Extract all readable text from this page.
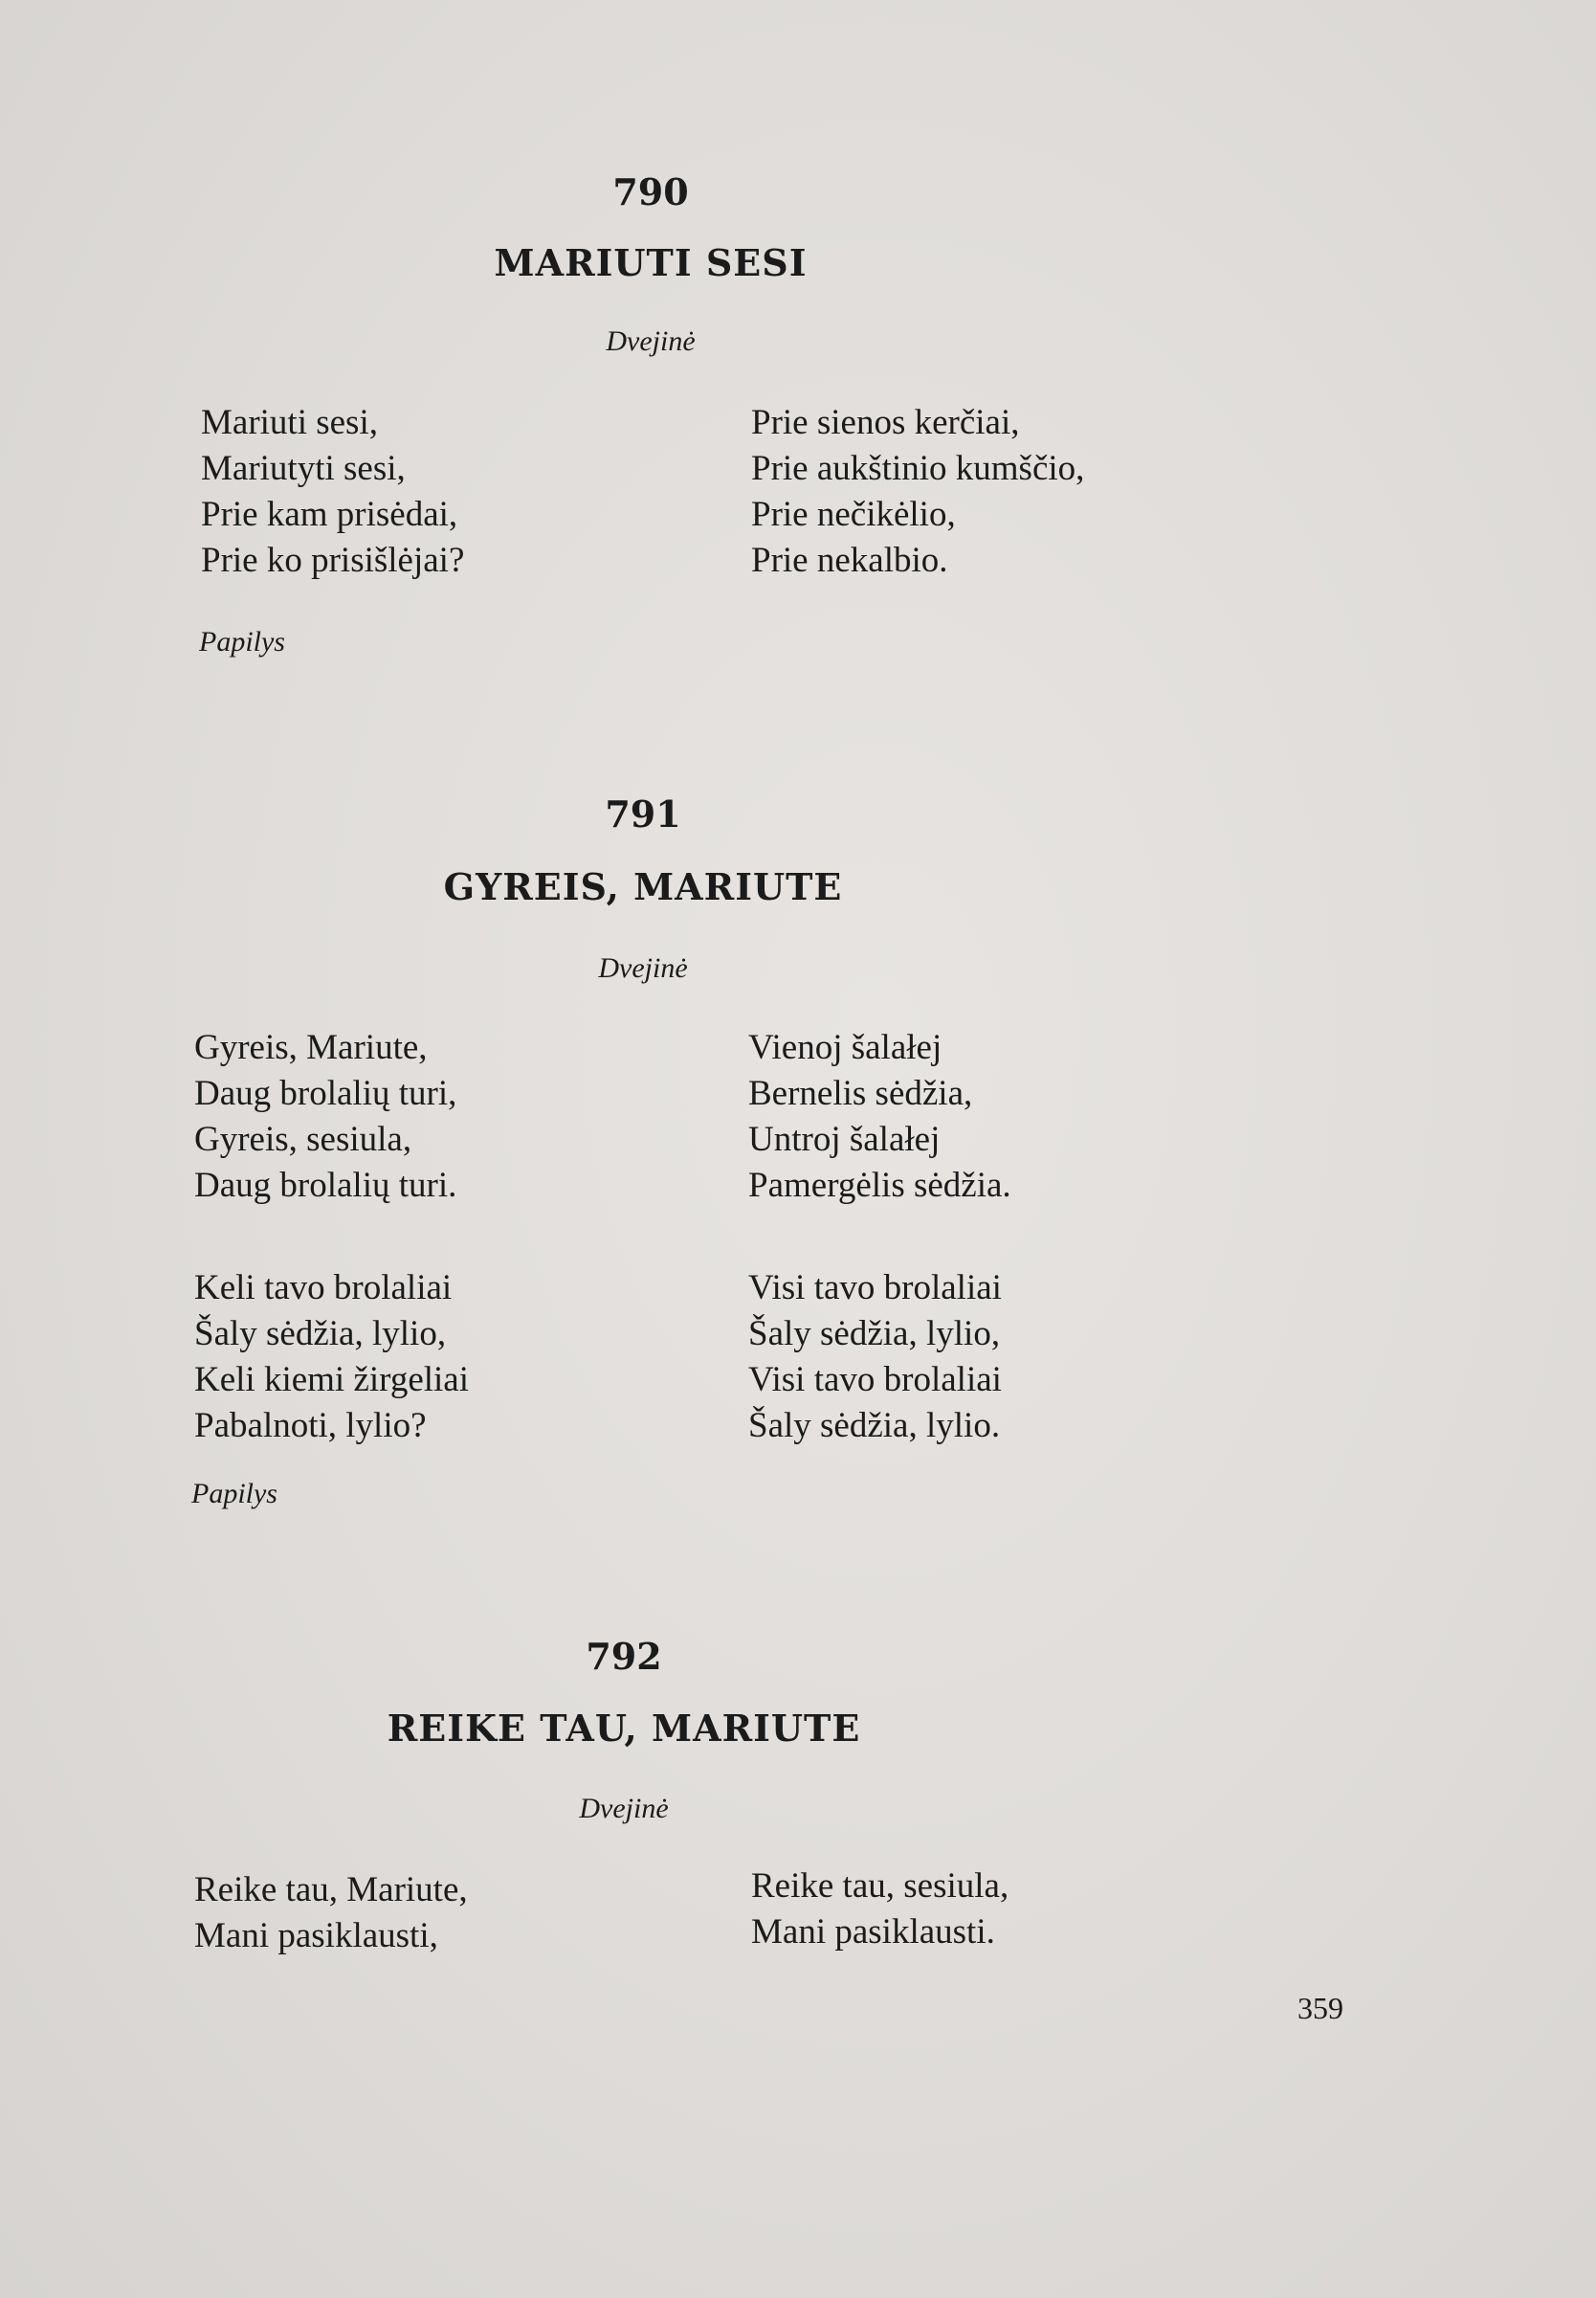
790
MARIUTI SESI
Dvejinė
Mariuti sesi,
Mariutyti sesi,
Prie kam prisėdai,
Prie ko prisišlėjai?
Prie sienos kerčiai,
Prie aukštinio kumščio,
Prie nečikėlio,
Prie nekalbio.
Papilys
791
GYREIS, MARIUTE
Dvejinė
Gyreis, Mariute,
Daug brolalių turi,
Gyreis, sesiula,
Daug brolalių turi.
Vienoj šalałej
Bernelis sėdžia,
Untroj šalałej
Pamergėlis sėdžia.
Keli tavo brolaliai
Šaly sėdžia, lylio,
Keli kiemi žirgeliai
Pabalnoti, lylio?
Visi tavo brolaliai
Šaly sėdžia, lylio,
Visi tavo brolaliai
Šaly sėdžia, lylio.
Papilys
792
REIKE TAU, MARIUTE
Dvejinė
Reike tau, Mariute,
Mani pasiklausti,
Reike tau, sesiula,
Mani pasiklausti.
359
